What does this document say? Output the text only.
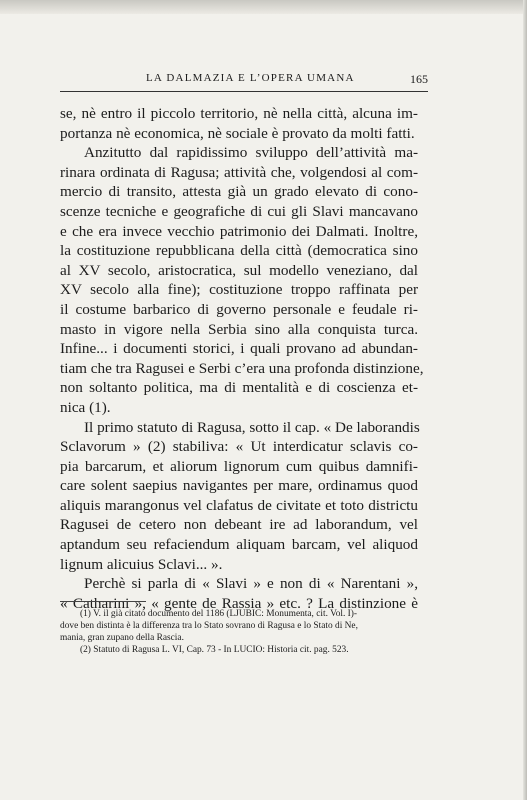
LA DALMAZIA E L’OPERA UMANA	165

se, nè entro il piccolo territorio, nè nella città, alcuna im-
portanza nè economica, nè sociale è provato da molti fatti.

Anzitutto dal rapidissimo sviluppo dell’attività ma-
rinara ordinata di Ragusa; attività che, volgendosi al com-
mercio di transito, attesta già un grado elevato di cono-
scenze tecniche e geografiche di cui gli Slavi mancavano
e che era invece vecchio patrimonio dei Dalmati. Inoltre,
la costituzione repubblicana della città (democratica sino
al XV secolo, aristocratica, sul modello veneziano, dal
XV secolo alla fine); costituzione troppo raffinata per
il costume barbarico di governo personale e feudale ri-
masto in vigore nella Serbia sino alla conquista turca.
Infine... i documenti storici, i quali provano ad abundan-
tiam che tra Ragusei e Serbi c’era una profonda distinzione,
non soltanto politica, ma di mentalità e di coscienza et-
nica (1).

Il primo statuto di Ragusa, sotto il cap. « De laborandis
Sclavorum » (2) stabiliva: « Ut interdicatur sclavis co-
pia barcarum, et aliorum lignorum cum quibus damnifi-
care solent saepius navigantes per mare, ordinamus quod
aliquis marangonus vel clafatus de civitate et toto districtu
Ragusei de cetero non debeant ire ad laborandum, vel
aptandum seu refaciendum aliquam barcam, vel aliquod
lignum alicuius Sclavi... ».

Perchè si parla di « Slavi » e non di « Narentani »,
« Catharini », « gente de Rassia » etc. ? La distinzione è

(1) V. il già citato documento del 1186 (LJUBIC: Monumenta, cit. Vol. I)-
dove ben distinta è la differenza tra lo Stato sovrano di Ragusa e lo Stato di Ne,
mania, gran zupano della Rascia.
(2) Statuto di Ragusa L. VI, Cap. 73 - In LUCIO: Historia cit. pag. 523.
